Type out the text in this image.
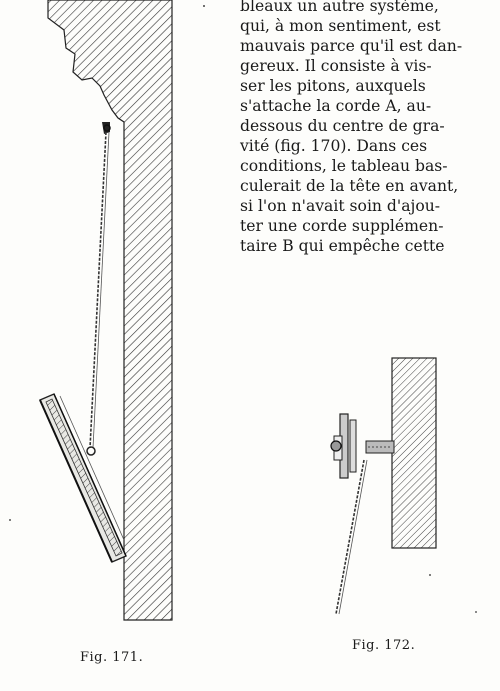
bleaux un autre système,
qui, à mon sentiment, est
mauvais parce qu'il est dan-
gereux. Il consiste à vis-
ser les pitons, auxquels
s'attache la corde A, au-
dessous du centre de gra-
vité (fig. 170). Dans ces
conditions, le tableau bas-
culerait de la tête en avant,
si l'on n'avait soin d'ajou-
ter une corde supplémen-
taire B qui empêche cette
Fig. 171.
Fig. 172.
